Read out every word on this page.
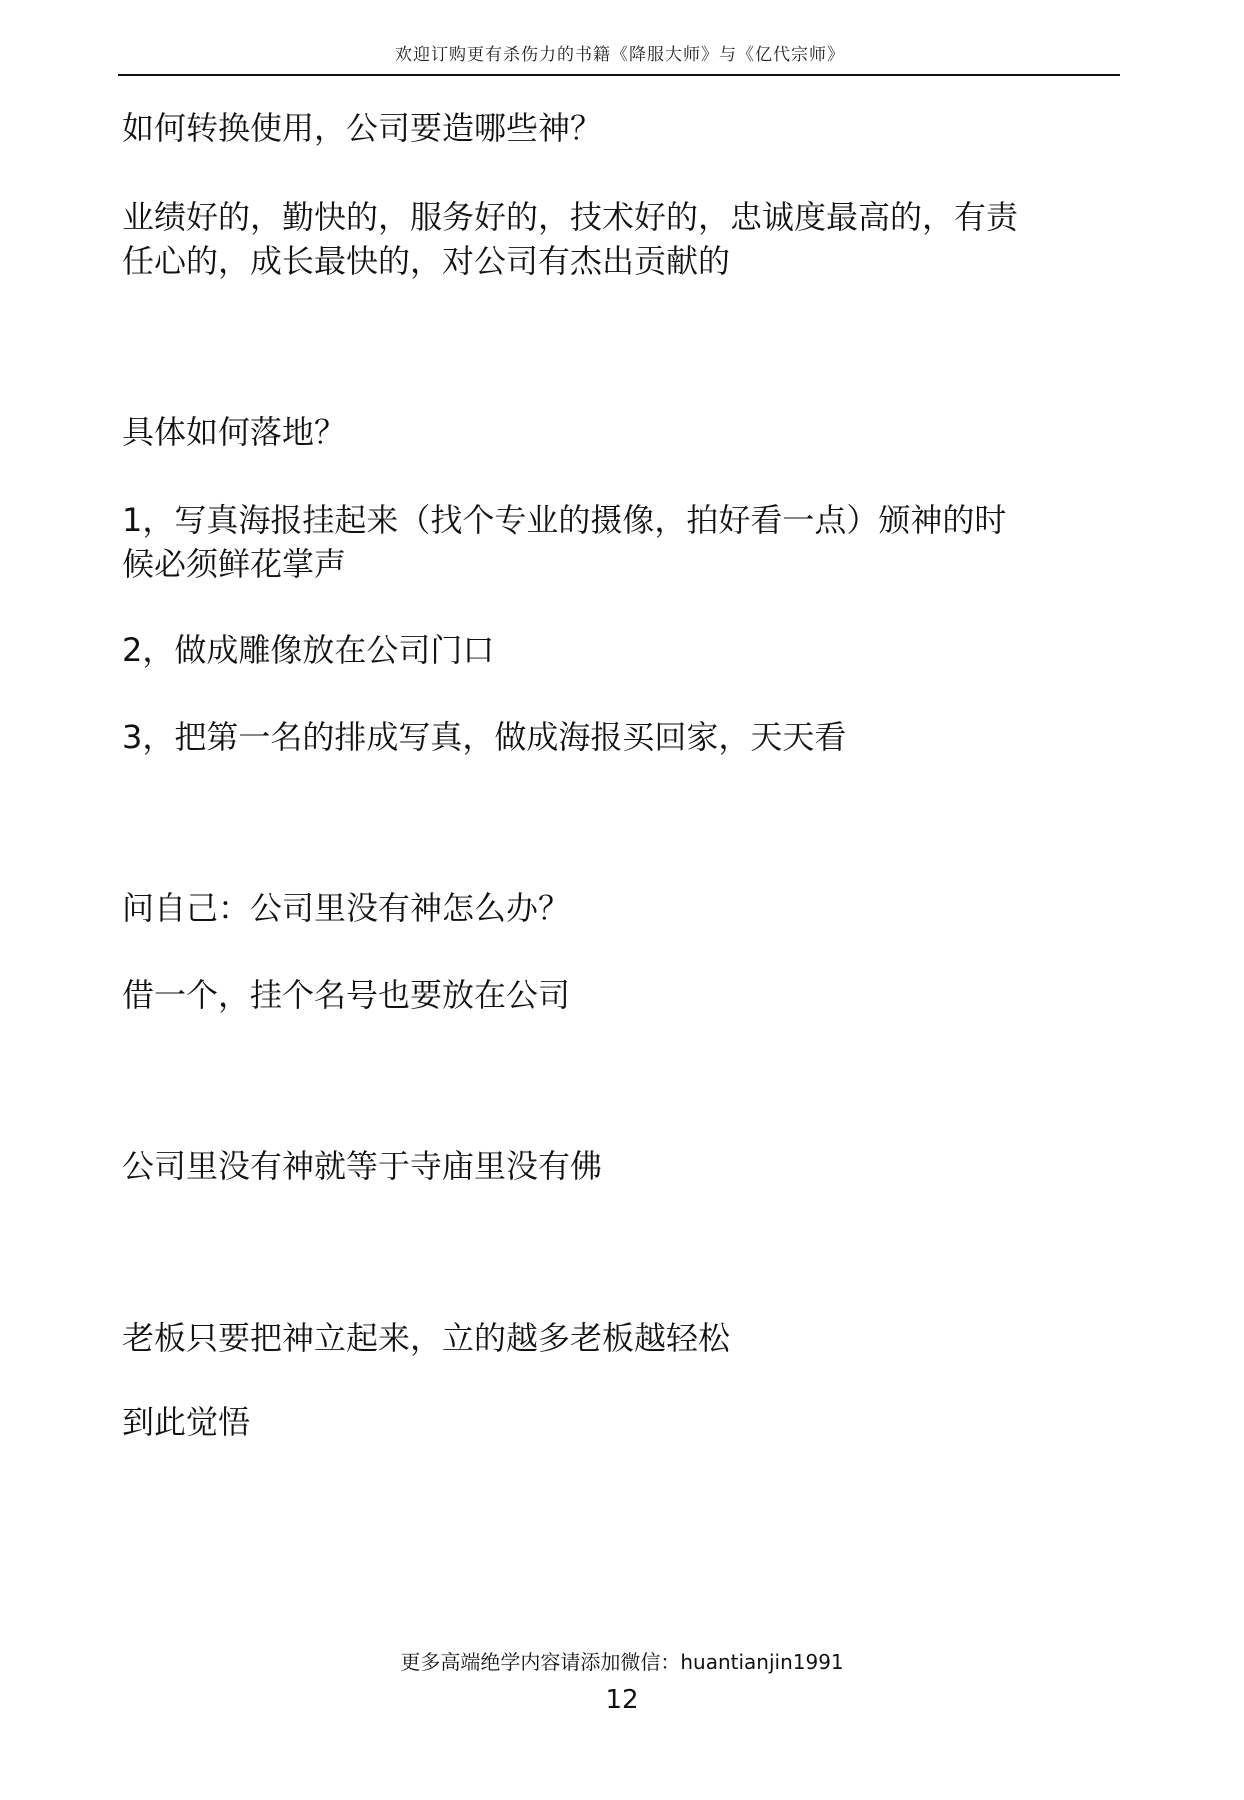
欢迎订购更有杀伤力的书籍《降服大师》与《亿代宗师》
如何转换使用，公司要造哪些神？
业绩好的，勤快的，服务好的，技术好的，忠诚度最高的，有责
任心的，成长最快的，对公司有杰出贡献的
具体如何落地？
1，写真海报挂起来（找个专业的摄像，拍好看一点）颁神的时
候必须鲜花掌声
2，做成雕像放在公司门口
3，把第一名的排成写真，做成海报买回家，天天看
问自己：公司里没有神怎么办？
借一个，挂个名号也要放在公司
公司里没有神就等于寺庙里没有佛
老板只要把神立起来，立的越多老板越轻松
到此觉悟
更多高端绝学内容请添加微信：huantianjin1991
12
